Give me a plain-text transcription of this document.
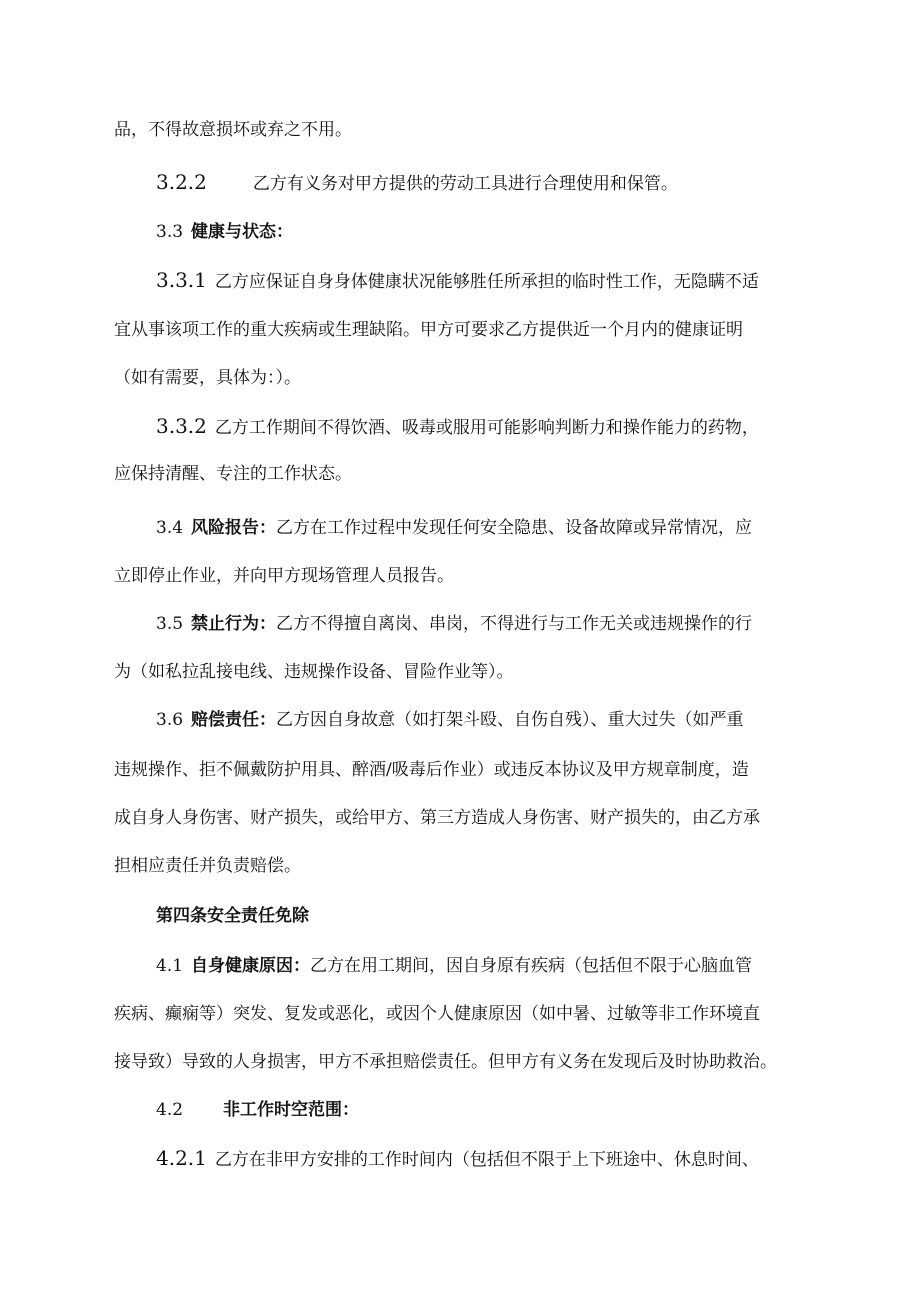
品，不得故意损坏或弃之不用。
3.2.2	乙方有义务对甲方提供的劳动工具进行合理使用和保管。
3.3 健康与状态：
3.3.1 乙方应保证自身身体健康状况能够胜任所承担的临时性工作，无隐瞒不适
宜从事该项工作的重大疾病或生理缺陷。甲方可要求乙方提供近一个月内的健康证明
（如有需要，具体为：）。
3.3.2 乙方工作期间不得饮酒、吸毒或服用可能影响判断力和操作能力的药物，
应保持清醒、专注的工作状态。
3.4 风险报告：乙方在工作过程中发现任何安全隐患、设备故障或异常情况，应
立即停止作业，并向甲方现场管理人员报告。
3.5 禁止行为：乙方不得擅自离岗、串岗，不得进行与工作无关或违规操作的行
为（如私拉乱接电线、违规操作设备、冒险作业等）。
3.6 赔偿责任：乙方因自身故意（如打架斗殴、自伤自残）、重大过失（如严重
违规操作、拒不佩戴防护用具、醉酒/吸毒后作业）或违反本协议及甲方规章制度，造
成自身人身伤害、财产损失，或给甲方、第三方造成人身伤害、财产损失的，由乙方承
担相应责任并负责赔偿。
第四条安全责任免除
4.1 自身健康原因：乙方在用工期间，因自身原有疾病（包括但不限于心脑血管
疾病、癫痫等）突发、复发或恶化，或因个人健康原因（如中暑、过敏等非工作环境直
接导致）导致的人身损害，甲方不承担赔偿责任。但甲方有义务在发现后及时协助救治。
4.2 非工作时空范围：
4.2.1 乙方在非甲方安排的工作时间内（包括但不限于上下班途中、休息时间、
